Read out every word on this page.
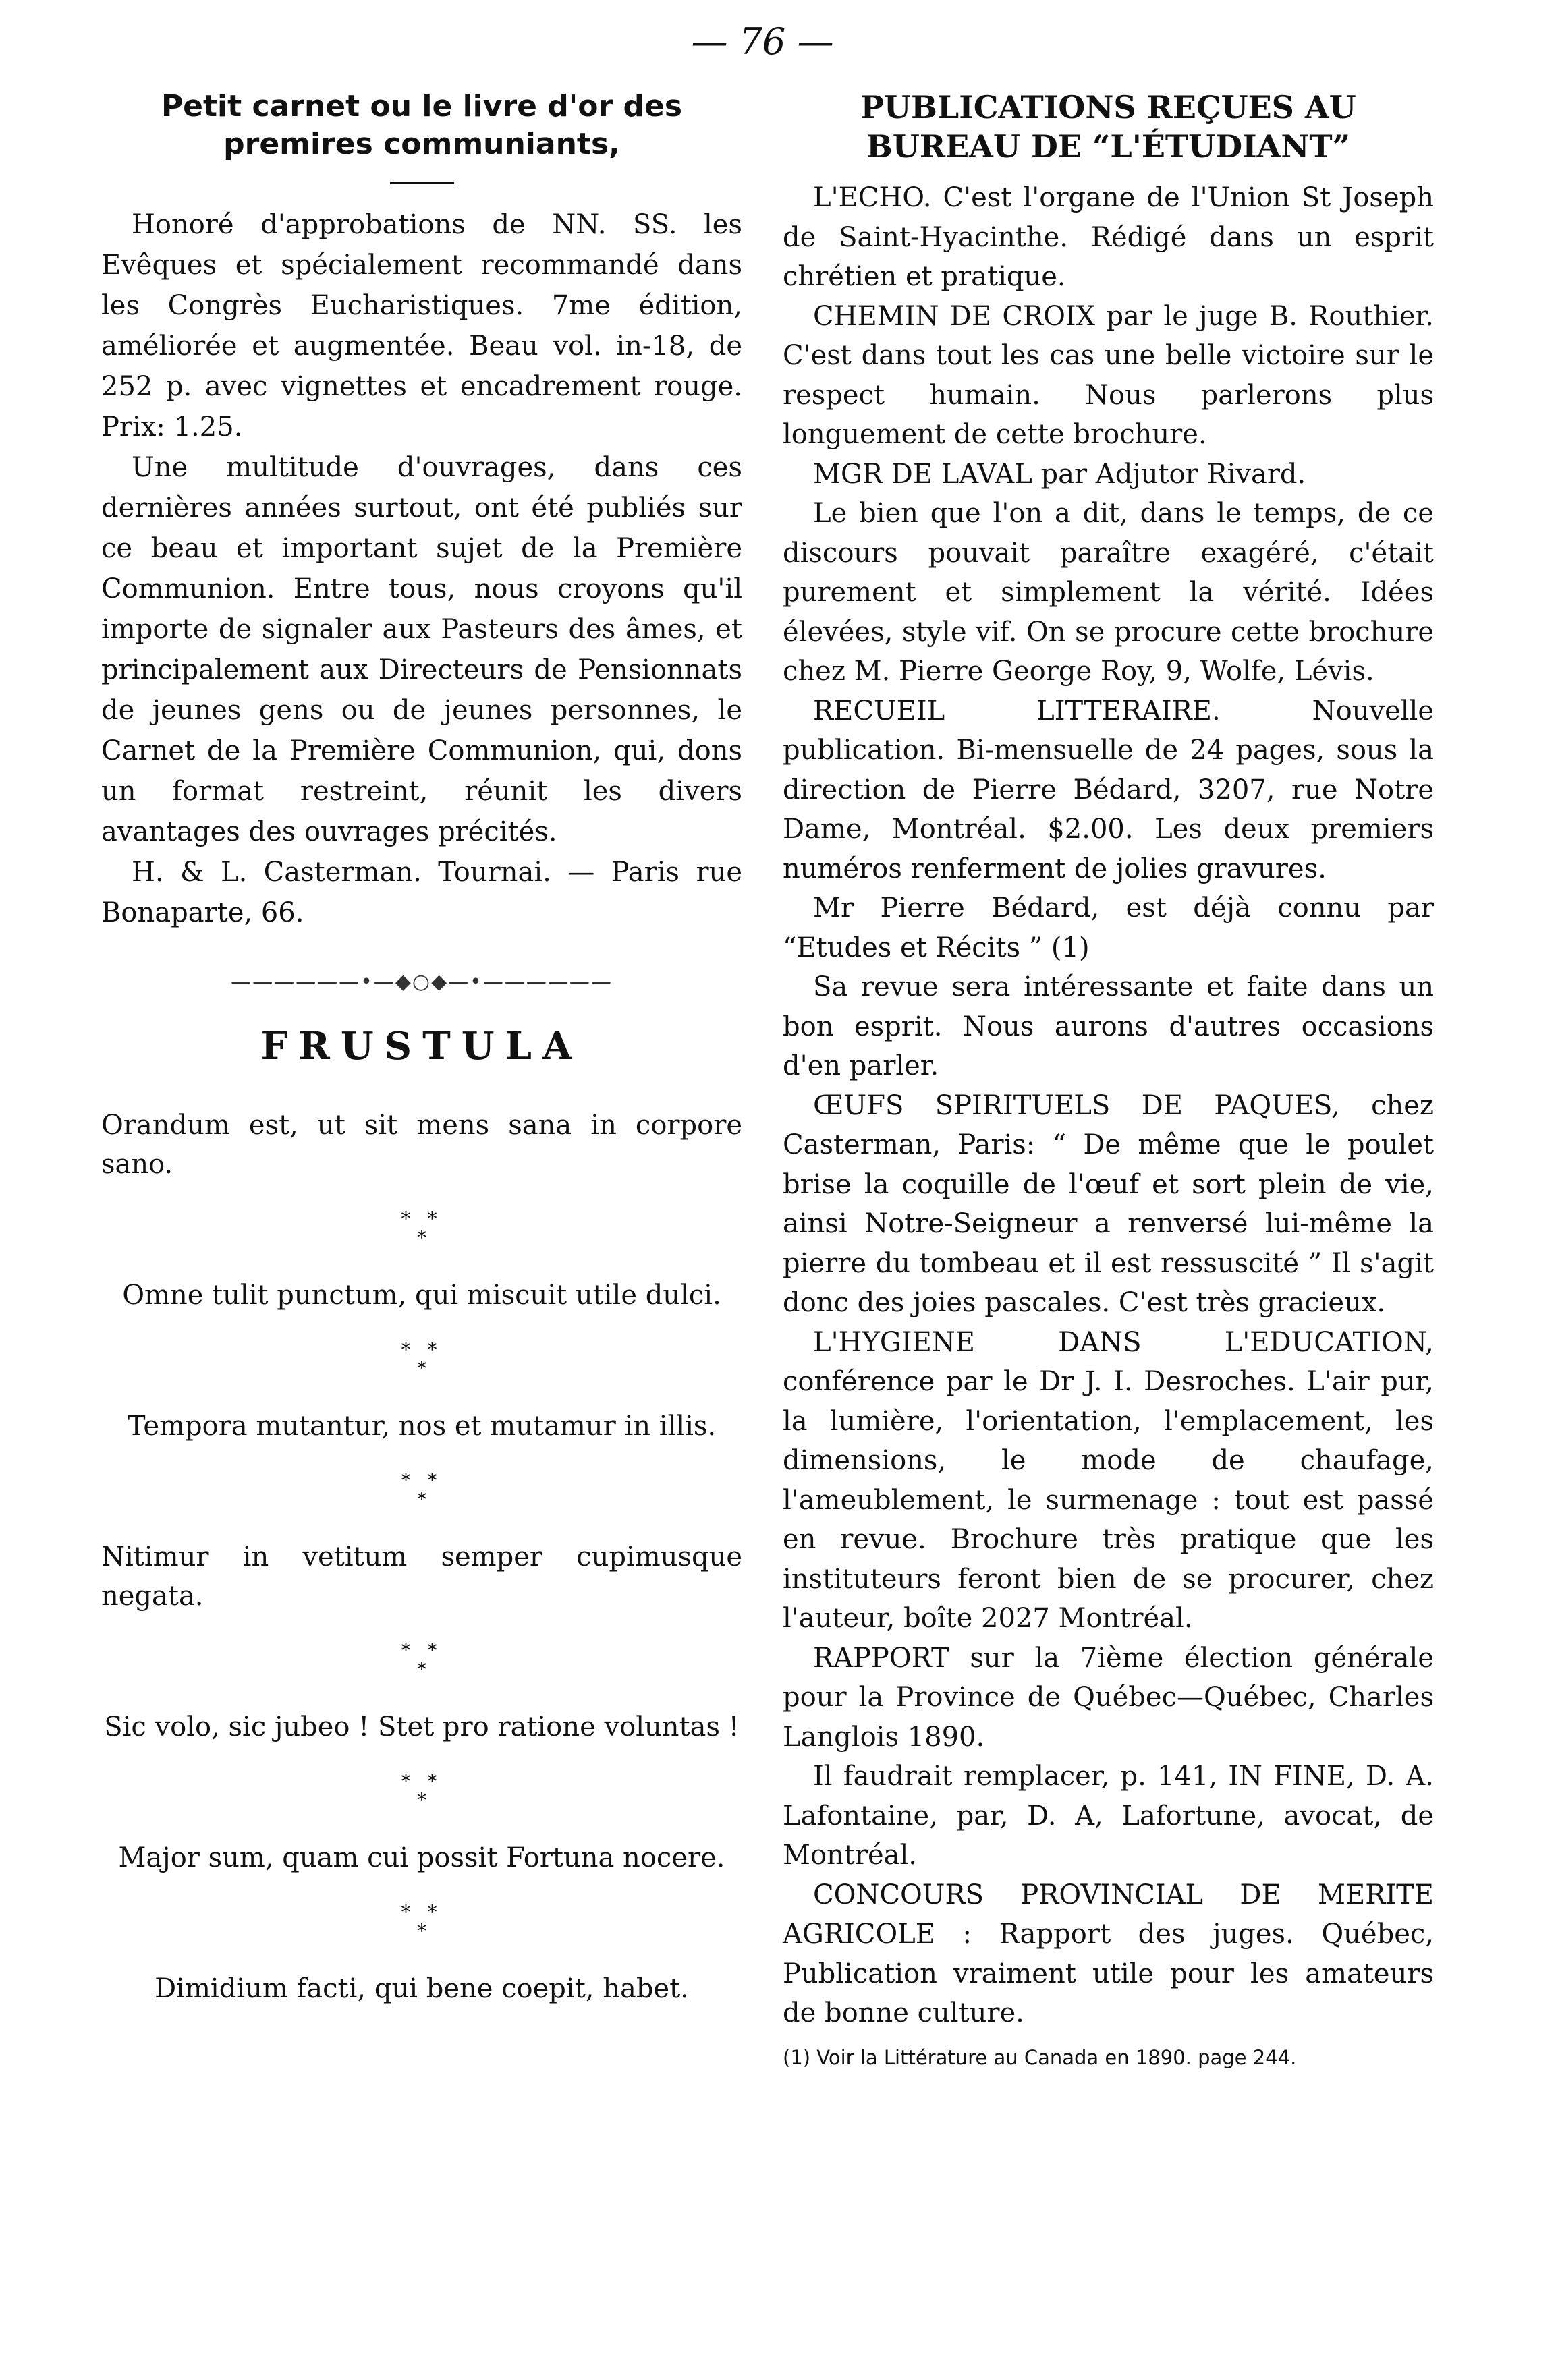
— 76 —
Petit carnet ou le livre d'or des premires communiants,

Honoré d'approbations de NN. SS. les Evêques et spécialement recommandé dans les Congrès Eucharistiques. 7me édition, améliorée et augmentée. Beau vol. in-18, de 252 p. avec vignettes et encadrement rouge. Prix: 1.25.

Une multitude d'ouvrages, dans ces dernières années surtout, ont été publiés sur ce beau et important sujet de la Première Communion. Entre tous, nous croyons qu'il importe de signaler aux Pasteurs des âmes, et principalement aux Directeurs de Pensionnats de jeunes gens ou de jeunes personnes, le Carnet de la Première Communion, qui, dons un format restreint, réunit les divers avantages des ouvrages précités.

H. & L. Casterman. Tournai. — Paris rue Bonaparte, 66.

——————•—◆○◆—•——————
FRUSTULA

Orandum est, ut sit mens sana in corpore sano.

* *
*

Omne tulit punctum, qui miscuit utile dulci.

* *
*

Tempora mutantur, nos et mutamur in illis.

* *
*

Nitimur in vetitum semper cupimusque negata.

* *
*

Sic volo, sic jubeo ! Stet pro ratione voluntas !

* *
*

Major sum, quam cui possit Fortuna nocere.

* *
*

Dimidium facti, qui bene coepit, habet.

PUBLICATIONS REÇUES AU BUREAU DE “L'ÉTUDIANT”

L'ECHO. C'est l'organe de l'Union St Joseph de Saint-Hyacinthe. Rédigé dans un esprit chrétien et pratique.

CHEMIN DE CROIX par le juge B. Routhier. C'est dans tout les cas une belle victoire sur le respect humain. Nous parlerons plus longuement de cette brochure.

MGR DE LAVAL par Adjutor Rivard.

Le bien que l'on a dit, dans le temps, de ce discours pouvait paraître exagéré, c'était purement et simplement la vérité. Idées élevées, style vif. On se procure cette brochure chez M. Pierre George Roy, 9, Wolfe, Lévis.

RECUEIL LITTERAIRE. Nouvelle publication. Bi-mensuelle de 24 pages, sous la direction de Pierre Bédard, 3207, rue Notre Dame, Montréal. $2.00. Les deux premiers numéros renferment de jolies gravures.

Mr Pierre Bédard, est déjà connu par “Etudes et Récits ” (1)

Sa revue sera intéressante et faite dans un bon esprit. Nous aurons d'autres occasions d'en parler.

ŒUFS SPIRITUELS DE PAQUES, chez Casterman, Paris: “ De même que le poulet brise la coquille de l'œuf et sort plein de vie, ainsi Notre-Seigneur a renversé lui-même la pierre du tombeau et il est ressuscité ” Il s'agit donc des joies pascales. C'est très gracieux.

L'HYGIENE DANS L'EDUCATION, conférence par le Dr J. I. Desroches. L'air pur, la lumière, l'orientation, l'emplacement, les dimensions, le mode de chaufage, l'ameublement, le surmenage : tout est passé en revue. Brochure très pratique que les instituteurs feront bien de se procurer, chez l'auteur, boîte 2027 Montréal.

RAPPORT sur la 7ième élection générale pour la Province de Québec—Québec, Charles Langlois 1890.

Il faudrait remplacer, p. 141, IN FINE, D. A. Lafontaine, par, D. A, Lafortune, avocat, de Montréal.

CONCOURS PROVINCIAL DE MERITE AGRICOLE : Rapport des juges. Québec, Publication vraiment utile pour les amateurs de bonne culture.

(1) Voir la Littérature au Canada en 1890. page 244.
